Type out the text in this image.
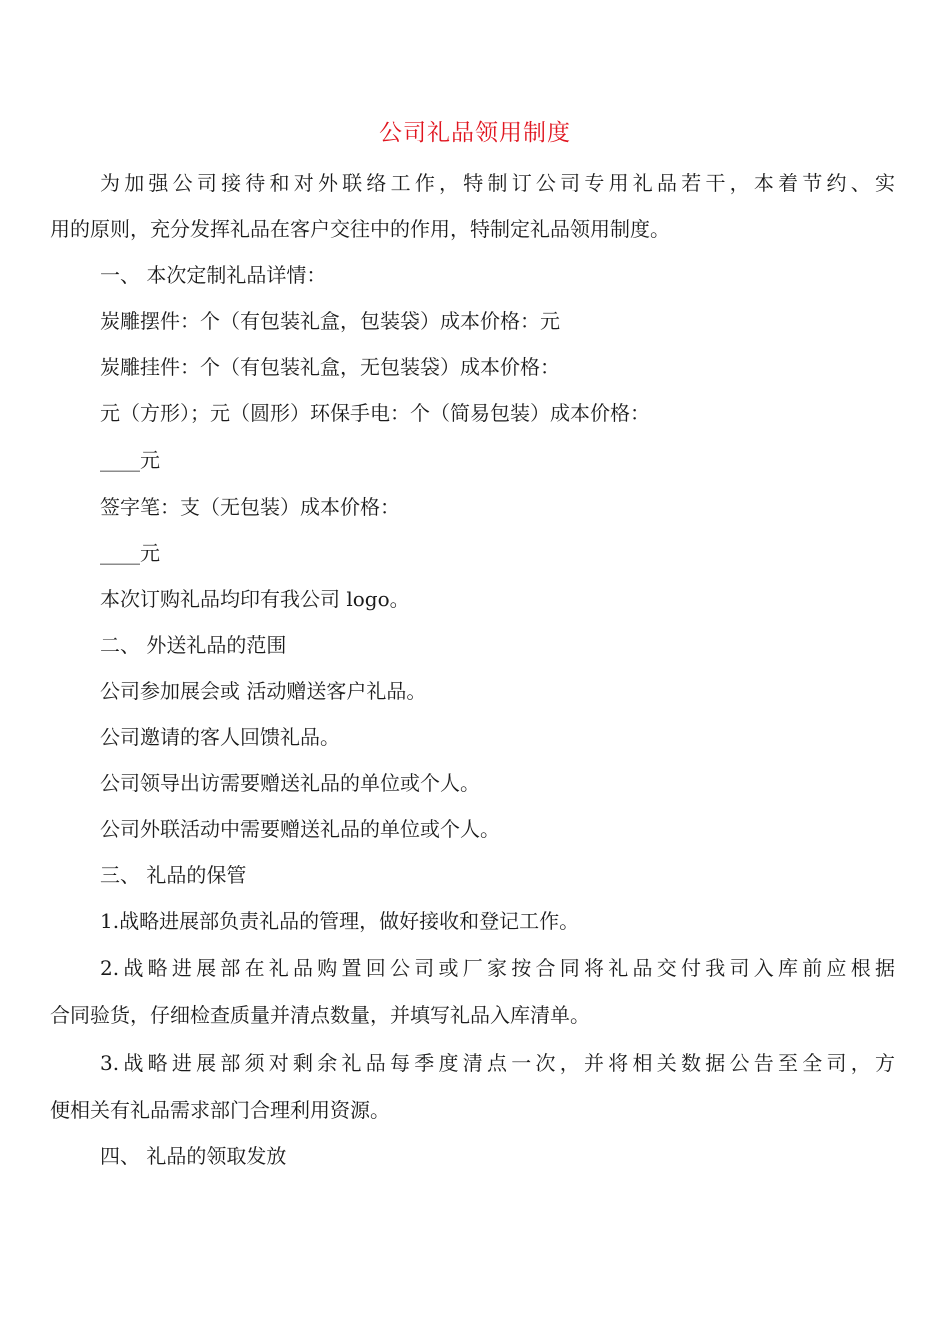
公司礼品领用制度
为加强公司接待和对外联络工作，特制订公司专用礼品若干，本着节约、实
用的原则，充分发挥礼品在客户交往中的作用，特制定礼品领用制度。
一、 本次定制礼品详情：
炭雕摆件：个（有包装礼盒，包装袋）成本价格：元
炭雕挂件：个（有包装礼盒，无包装袋）成本价格：
元（方形）；元（圆形）环保手电：个（简易包装）成本价格：
____元
签字笔：支（无包装）成本价格：
____元
本次订购礼品均印有我公司 logo。
二、 外送礼品的范围
公司参加展会或 活动赠送客户礼品。
公司邀请的客人回馈礼品。
公司领导出访需要赠送礼品的单位或个人。
公司外联活动中需要赠送礼品的单位或个人。
三、 礼品的保管
1.战略进展部负责礼品的管理，做好接收和登记工作。
2.战略进展部在礼品购置回公司或厂家按合同将礼品交付我司入库前应根据
合同验货，仔细检查质量并清点数量，并填写礼品入库清单。
3.战略进展部须对剩余礼品每季度清点一次，并将相关数据公告至全司，方
便相关有礼品需求部门合理利用资源。
四、 礼品的领取发放
